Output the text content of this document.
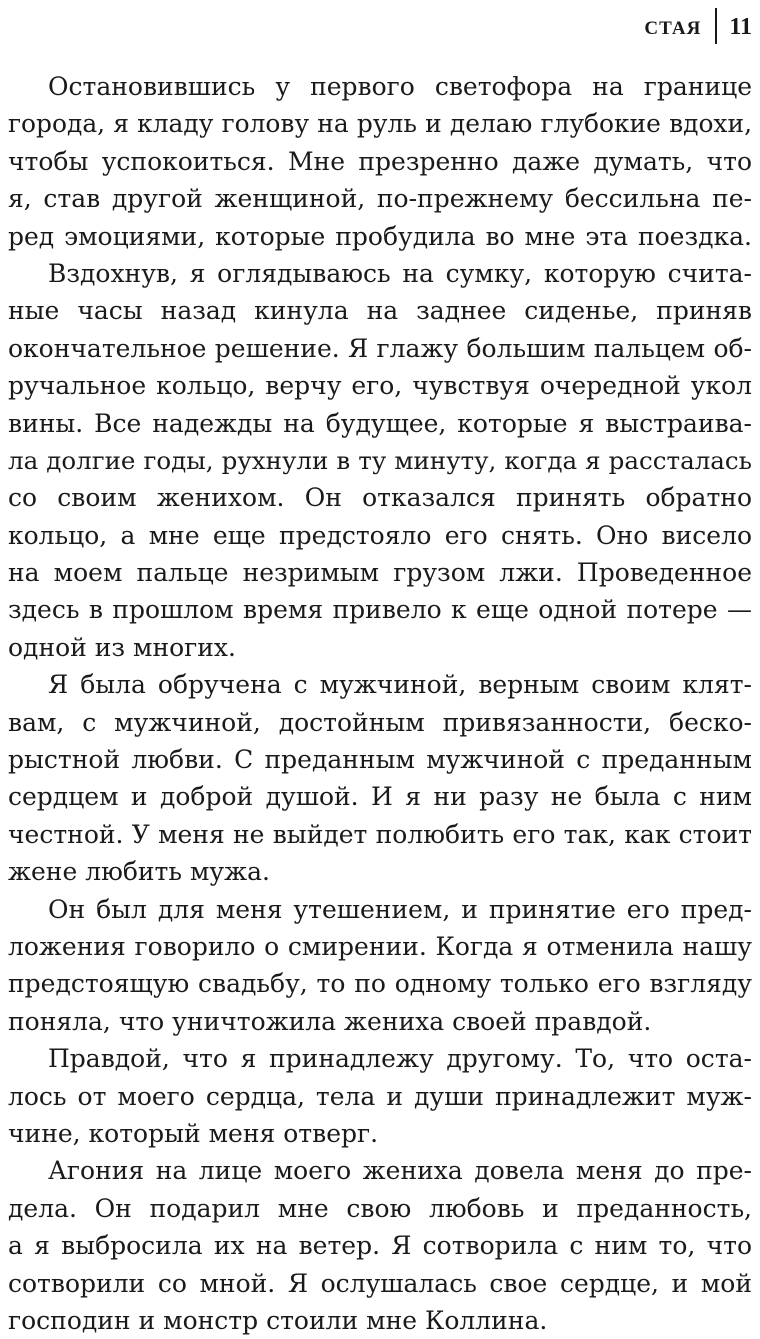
СТАЯ 11
Остановившись у первого светофора на границе
города, я кладу голову на руль и делаю глубокие вдохи,
чтобы успокоиться. Мне презренно даже думать, что
я, став другой женщиной, по-прежнему бессильна пе-
ред эмоциями, которые пробудила во мне эта поездка.
Вздохнув, я оглядываюсь на сумку, которую счита-
ные часы назад кинула на заднее сиденье, приняв
окончательное решение. Я глажу большим пальцем об-
ручальное кольцо, верчу его, чувствуя очередной укол
вины. Все надежды на будущее, которые я выстраива-
ла долгие годы, рухнули в ту минуту, когда я рассталась
со своим женихом. Он отказался принять обратно
кольцо, а мне еще предстояло его снять. Оно висело
на моем пальце незримым грузом лжи. Проведенное
здесь в прошлом время привело к еще одной потере —
одной из многих.
Я была обручена с мужчиной, верным своим клят-
вам, с мужчиной, достойным привязанности, беско-
рыстной любви. С преданным мужчиной с преданным
сердцем и доброй душой. И я ни разу не была с ним
честной. У меня не выйдет полюбить его так, как стоит
жене любить мужа.
Он был для меня утешением, и принятие его пред-
ложения говорило о смирении. Когда я отменила нашу
предстоящую свадьбу, то по одному только его взгляду
поняла, что уничтожила жениха своей правдой.
Правдой, что я принадлежу другому. То, что оста-
лось от моего сердца, тела и души принадлежит муж-
чине, который меня отверг.
Агония на лице моего жениха довела меня до пре-
дела. Он подарил мне свою любовь и преданность,
а я выбросила их на ветер. Я сотворила с ним то, что
сотворили со мной. Я ослушалась свое сердце, и мой
господин и монстр стоили мне Коллина.
